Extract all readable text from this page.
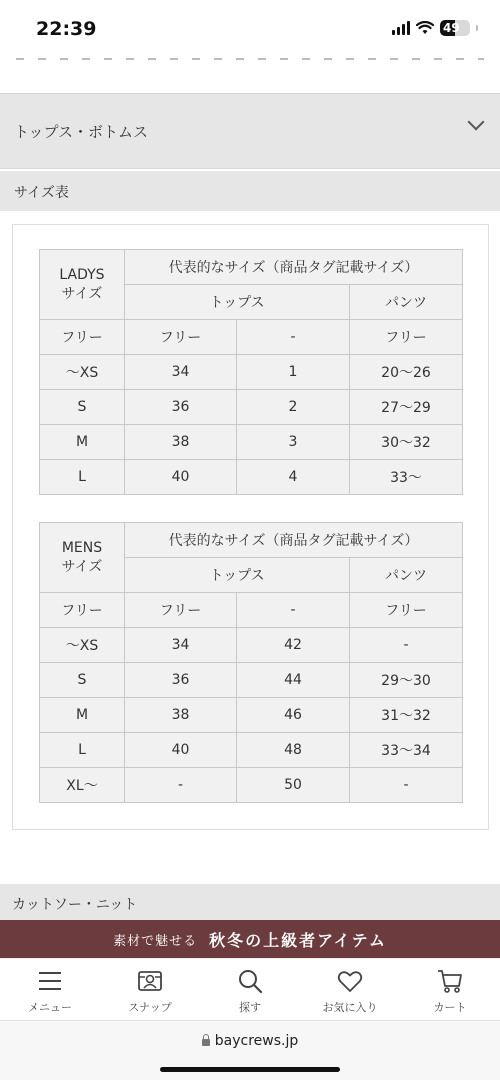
22:39	49
トップス・ボトムス
サイズ表
LADYS
サイズ	代表的なサイズ（商品タグ記載サイズ）		
	トップス		パンツ
フリー	フリー	-	フリー
〜XS	34	1	20〜26
S	36	2	27〜29
M	38	3	30〜32
L	40	4	33〜
MENS
サイズ	代表的なサイズ（商品タグ記載サイズ）		
	トップス		パンツ
フリー	フリー	-	フリー
〜XS	34	42	-
S	36	44	29〜30
M	38	46	31〜32
L	40	48	33〜34
XL〜	-	50	-
カットソー・ニット
素材で魅せる 秋冬の上級者アイテム
メニュー	スナップ	探す	お気に入り	カート
baycrews.jp
